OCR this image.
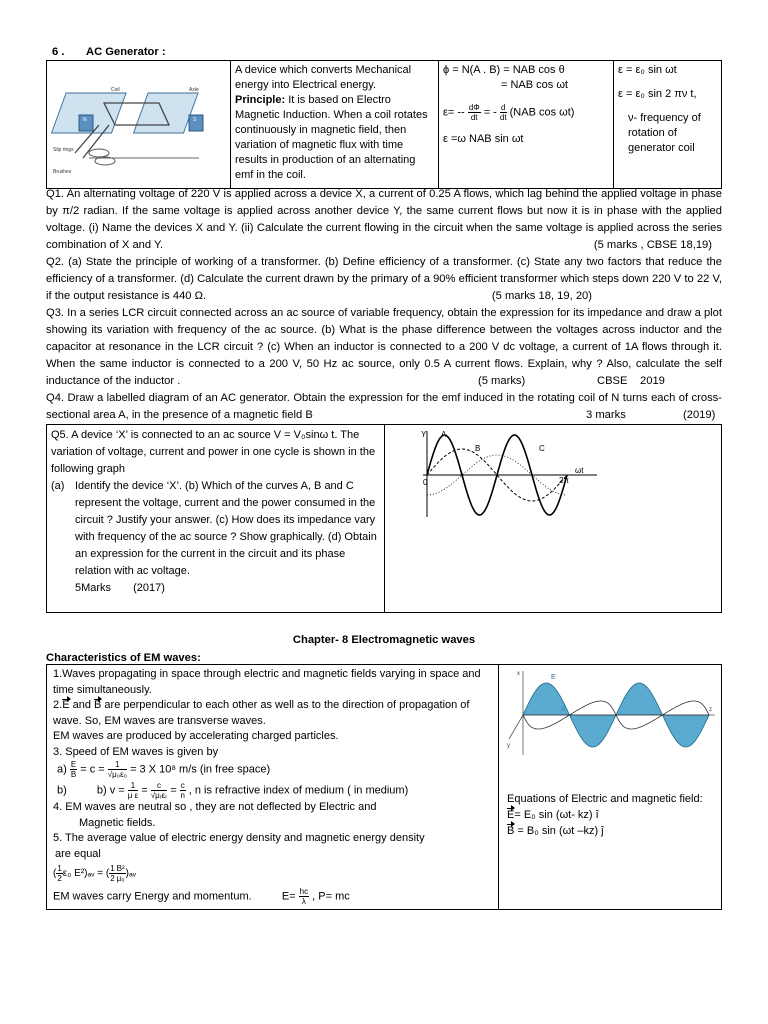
6 . AC Generator :
Coil	Axle
N	S
Slip rings
Brushes

A device which converts Mechanical energy into Electrical energy.
Principle: It is based on Electro Magnetic Induction. When a coil rotates continuously in magnetic field, then variation of magnetic flux with time results in production of an alternating emf in the coil.

ϕ = N(A . B) = NAB cos θ
= NAB cos ωt
$\varepsilon= -- \frac{d\Phi}{dt}$ = - $\frac{d}{dt} (NAB$ cos ωt)
ε =ω NAB sin ωt

ε = ε₀ sin ωt
ε = ε₀ sin 2 πν t,
ν- frequency of rotation of generator coil
Q1. An alternating voltage of 220 V is applied across a device X, a current of 0.25 A flows, which lag behind the applied voltage in phase by π/2 radian. If the same voltage is applied across another device Y, the same current flows but now it is in phase with the applied voltage. (i) Name the devices X and Y. (ii) Calculate the current flowing in the circuit when the same voltage is applied across the series combination of X and Y.	(5 marks , CBSE 18,19)
Q2. (a) State the principle of working of a transformer. (b) Define efficiency of a transformer. (c) State any two factors that reduce the efficiency of a transformer. (d) Calculate the current drawn by the primary of a 90% efficient transformer which steps down 220 V to 22 V, if the output resistance is 440 Ω.	(5 marks 18, 19, 20)
Q3. In a series LCR circuit connected across an ac source of variable frequency, obtain the expression for its impedance and draw a plot showing its variation with frequency of the ac source. (b) What is the phase difference between the voltages across inductor and the capacitor at resonance in the LCR circuit ? (c) When an inductor is connected to a 200 V dc voltage, a current of 1A flows through it. When the same inductor is connected to a 200 V, 50 Hz ac source, only 0.5 A current flows. Explain, why ? Also, calculate the self inductance of the inductor .	(5 marks)	CBSE 2019
Q4. Draw a labelled diagram of an AC generator. Obtain the expression for the emf induced in the rotating coil of N turns each of cross-sectional area A, in the presence of a magnetic field B	3 marks	(2019)
Q5. A device ‘X’ is connected to an ac source V = V₀sinω t. The variation of voltage, current and power in one cycle is shown in the following graph
(a) Identify the device ‘X’. (b) Which of the curves A, B and C represent the voltage, current and the power consumed in the circuit ? Justify your answer. (c) How does its impedance vary with frequency of the ac source ? Show graphically. (d) Obtain an expression for the current in the circuit and its phase relation with ac voltage.
5Marks (2017)
Y A
B	C
0	2π
ωt
Chapter- 8 Electromagnetic waves
Characteristics of EM waves:
1.Waves propagating in space through electric and magnetic fields varying in space and time simultaneously.
2.E and B are perpendicular to each other as well as to the direction of propagation of wave. So, EM waves are transverse waves.
EM waves are produced by accelerating charged particles.
3. Speed of EM waves is given by
$a) \frac{E}{B} = c = \frac{1}{\text{√μ₀ε₀}} = 3$ X 10⁸ m/s (in free space)
b)	b) $v = \frac{1}{\text{μ ε}} = \frac{c}{\text{√μᵣεᵣ}} = \frac{c}{n}$ , n is refractive index of medium ( in medium)
4. EM waves are neutral so , they are not deflected by Electric and
Magnetic fields.
5. The average value of electric energy density and magnetic energy density
are equal
( $\frac{1}{2} \varepsilon_0$ E²)ₐᵥ = ( $\frac{1}{2} \frac{\text{B²}}{\text{μ₀}}$ )ₐᵥ
EM waves carry Energy and momentum.	$E= \frac{hc}{\lambda}$ , P= mc
x
y
z
E
Equations of Electric and magnetic field:
E= E₀ sin (ωt- kz) î
B = B₀ sin (ωt –kz) ĵ
